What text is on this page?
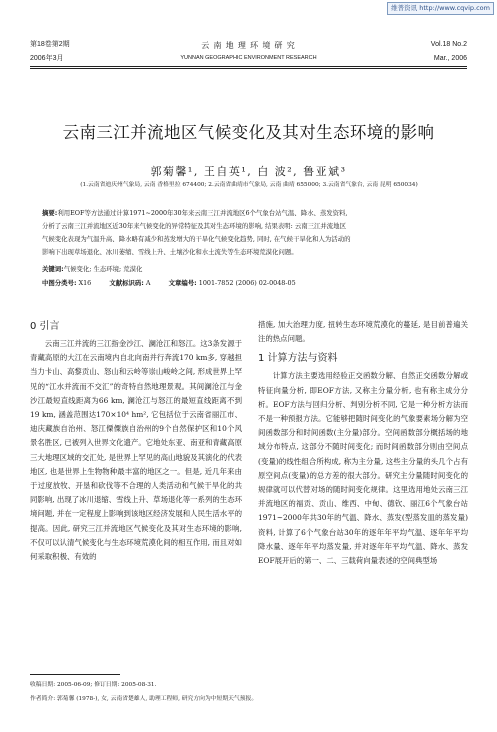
维普资讯 http://www.cqvip.com
第18卷第2期
2006年3月
云 南 地 理 环 境 研 究
YUNNAN GEOGRAPHIC ENVIRONMENT RESEARCH
Vol.18 No.2
Mar., 2006
云南三江并流地区气候变化及其对生态环境的影响
郭菊馨¹, 王自英¹, 白 波², 鲁亚斌³
(1.云南省迪庆州气象局, 云南 香格里拉 674400; 2.云南省曲靖市气象局, 云南 曲靖 655000; 3.云南省气象台, 云南 昆明 650034)
摘要:利用EOF等方法通过计算1971~2000年30年来云南三江并流地区6个气象台站气温、降水、蒸发资料,
分析了云南三江并流地区近30年来气候变化的异常特征及其对生态环境的影响, 结果表明: 云南三江并流地区
气候变化表现为气温升高、降水略有减少和蒸发增大的干旱化气候变化趋势, 同时, 在气候干旱化和人为活动的
影响下出现草场退化、冰川萎缩、雪线上升、土壤沙化和水土流失等生态环境荒漠化问题。
关键词:气候变化; 生态环境; 荒漠化
中图分类号: X16	文献标识码: A	文章编号: 1001-7852 (2006) 02-0048-05
0 引言

云南三江并流的三江指金沙江、澜沧江和怒江。这3条发源于青藏高原的大江在云南境内自北向南并行奔流170 km多, 穿越担当力卡山、高黎贡山、怒山和云岭等崇山峻岭之间, 形成世界上罕见的“江水并流而不交汇”的奇特自然地理景观。其间澜沧江与金沙江最短直线距离为66 km, 澜沧江与怒江的最短直线距离不到19 km, 涵盖范围达170×10⁴ hm², 它包括位于云南省丽江市、迪庆藏族自治州、怒江傈僳族自治州的9个自然保护区和10个风景名胜区, 已被列入世界文化遗产。它地处东亚、南亚和青藏高原三大地理区域的交汇处, 是世界上罕见的高山地貌及其演化的代表地区, 也是世界上生物物种最丰富的地区之一。但是, 近几年来由于过度放牧、开垦和砍伐等不合理的人类活动和气候干旱化的共同影响, 出现了冰川退缩、雪线上升、草场退化等一系列的生态环境问题, 并在一定程度上影响到该地区经济发展和人民生活水平的提高。因此, 研究三江并流地区气候变化及其对生态环境的影响, 不仅可以认清气候变化与生态环境荒漠化间的相互作用, 而且对如何采取积极、有效的

措施, 加大治理力度, 扭转生态环境荒漠化的蔓延, 是目前普遍关注的热点问题。

1 计算方法与资料

计算方法主要选用经验正交函数分解、自然正交函数分解或特征向量分析, 即EOF方法, 又称主分量分析, 也有称主成分分析。EOF方法与回归分析、判别分析不同, 它是一种分析方法而不是一种预报方法。它能够把随时间变化的气象要素场分解为空间函数部分和时间函数(主分量)部分。空间函数部分概括场的地域分布特点, 这部分不随时间变化; 而时间函数部分则由空间点(变量)的线性组合所构成, 称为主分量, 这些主分量的头几个占有原空间点(变量)的总方差的很大部分。研究主分量随时间变化的规律就可以代替对场的随时间变化规律。这里选用地处云南三江并流地区的福贡、贡山、维西、中甸、德钦、丽江6个气象台站1971~2000年共30年的气温、降水、蒸发(型蒸发皿的蒸发量)资料, 计算了6个气象台站30年的逐年年平均气温、逐年年平均降水量、逐年年平均蒸发量, 并对逐年年平均气温、降水、蒸发EOF展开后的第一、二、三载荷向量表述的空间典型场

收稿日期: 2005-06-09; 修订日期: 2005-08-31.
作者简介: 郭菊馨 (1978-), 女, 云南省楚雄人, 助理工程师, 研究方向为中短期天气预报。
